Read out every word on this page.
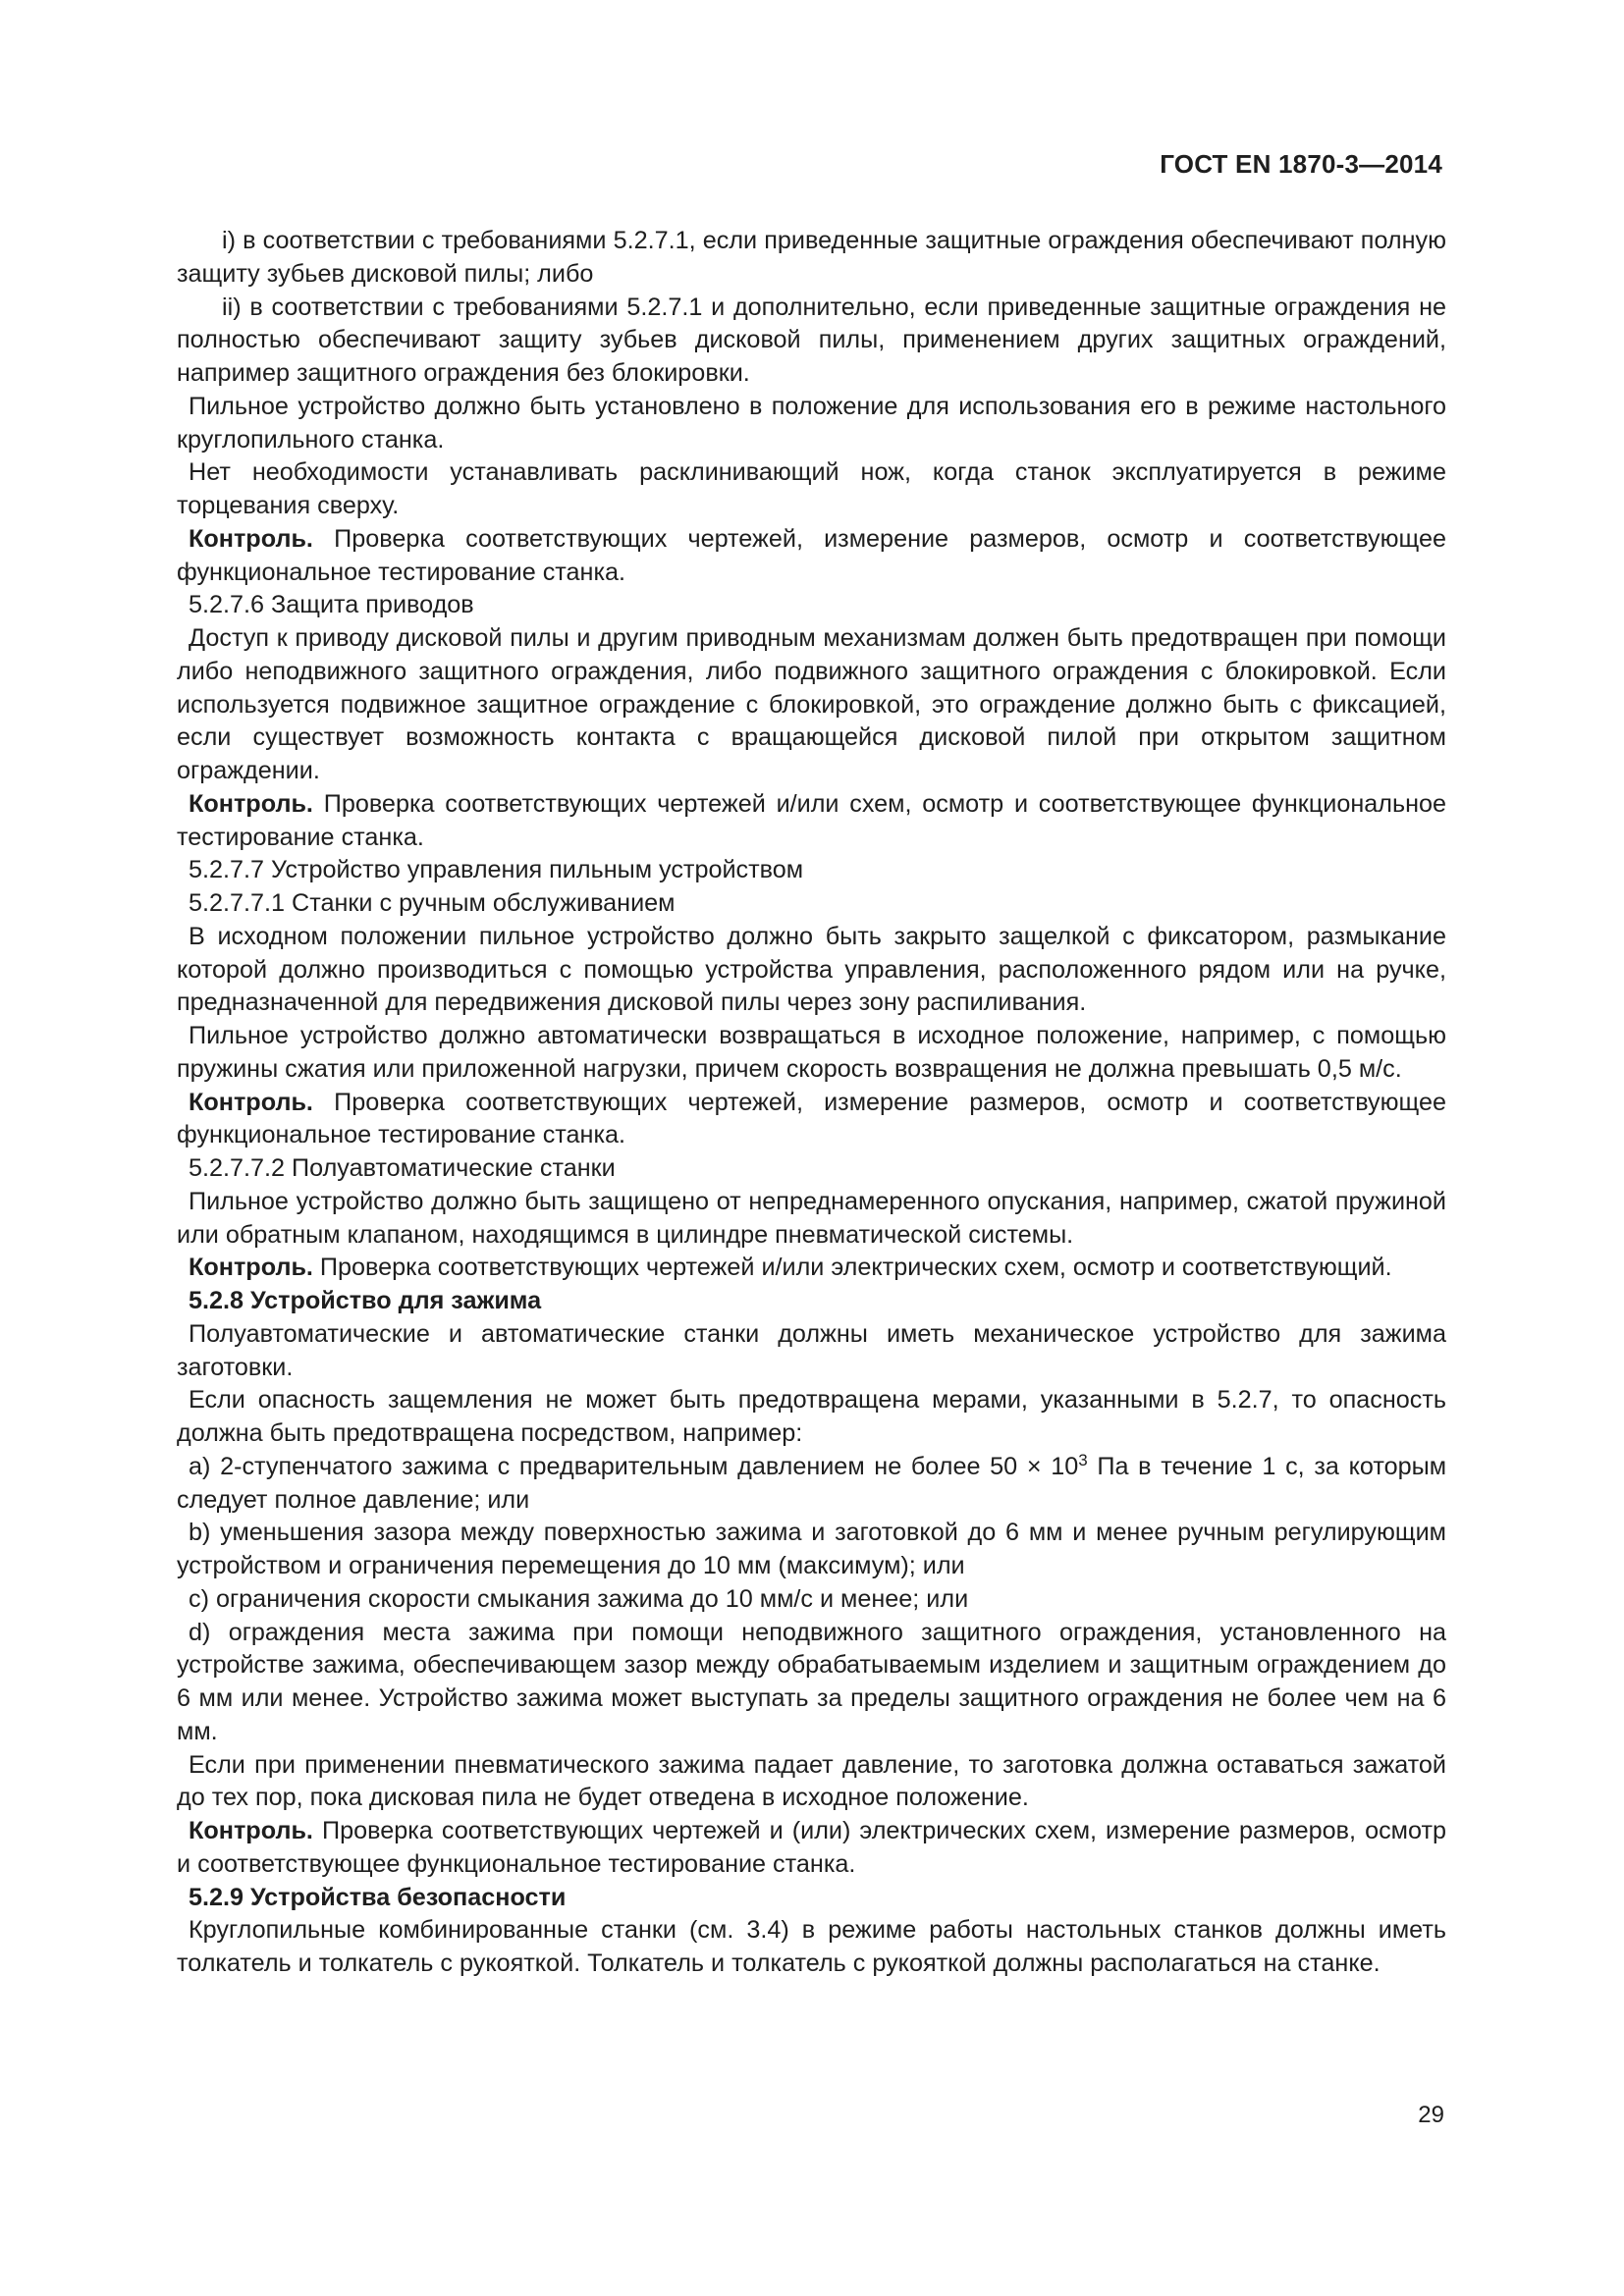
ГОСТ EN 1870-3—2014

i) в соответствии с требованиями 5.2.7.1, если приведенные защитные ограждения обеспечивают полную защиту зубьев дисковой пилы; либо

ii) в соответствии с требованиями 5.2.7.1 и дополнительно, если приведенные защитные ограждения не полностью обеспечивают защиту зубьев дисковой пилы, применением других защитных ограждений, например защитного ограждения без блокировки.

Пильное устройство должно быть установлено в положение для использования его в режиме настольного круглопильного станка.

Нет необходимости устанавливать расклинивающий нож, когда станок эксплуатируется в режиме торцевания сверху.

Контроль. Проверка соответствующих чертежей, измерение размеров, осмотр и соответствующее функциональное тестирование станка.

5.2.7.6 Защита приводов

Доступ к приводу дисковой пилы и другим приводным механизмам должен быть предотвращен при помощи либо неподвижного защитного ограждения, либо подвижного защитного ограждения с блокировкой. Если используется подвижное защитное ограждение с блокировкой, это ограждение должно быть с фиксацией, если существует возможность контакта с вращающейся дисковой пилой при открытом защитном ограждении.

Контроль. Проверка соответствующих чертежей и/или схем, осмотр и соответствующее функциональное тестирование станка.

5.2.7.7 Устройство управления пильным устройством

5.2.7.7.1 Станки с ручным обслуживанием

В исходном положении пильное устройство должно быть закрыто защелкой с фиксатором, размыкание которой должно производиться с помощью устройства управления, расположенного рядом или на ручке, предназначенной для передвижения дисковой пилы через зону распиливания.

Пильное устройство должно автоматически возвращаться в исходное положение, например, с помощью пружины сжатия или приложенной нагрузки, причем скорость возвращения не должна превышать 0,5 м/с.

Контроль. Проверка соответствующих чертежей, измерение размеров, осмотр и соответствующее функциональное тестирование станка.

5.2.7.7.2 Полуавтоматические станки

Пильное устройство должно быть защищено от непреднамеренного опускания, например, сжатой пружиной или обратным клапаном, находящимся в цилиндре пневматической системы.

Контроль. Проверка соответствующих чертежей и/или электрических схем, осмотр и соответствующий.

5.2.8 Устройство для зажима

Полуавтоматические и автоматические станки должны иметь механическое устройство для зажима заготовки.

Если опасность защемления не может быть предотвращена мерами, указанными в 5.2.7, то опасность должна быть предотвращена посредством, например:

a) 2-ступенчатого зажима с предварительным давлением не более $50 \times 10^3$ Па в течение 1 с, за которым следует полное давление; или

b) уменьшения зазора между поверхностью зажима и заготовкой до 6 мм и менее ручным регулирующим устройством и ограничения перемещения до 10 мм (максимум); или

c) ограничения скорости смыкания зажима до 10 мм/с и менее; или

d) ограждения места зажима при помощи неподвижного защитного ограждения, установленного на устройстве зажима, обеспечивающем зазор между обрабатываемым изделием и защитным ограждением до 6 мм или менее. Устройство зажима может выступать за пределы защитного ограждения не более чем на 6 мм.

Если при применении пневматического зажима падает давление, то заготовка должна оставаться зажатой до тех пор, пока дисковая пила не будет отведена в исходное положение.

Контроль. Проверка соответствующих чертежей и (или) электрических схем, измерение размеров, осмотр и соответствующее функциональное тестирование станка.

5.2.9 Устройства безопасности

Круглопильные комбинированные станки (см. 3.4) в режиме работы настольных станков должны иметь толкатель и толкатель с рукояткой. Толкатель и толкатель с рукояткой должны располагаться на станке.

29
